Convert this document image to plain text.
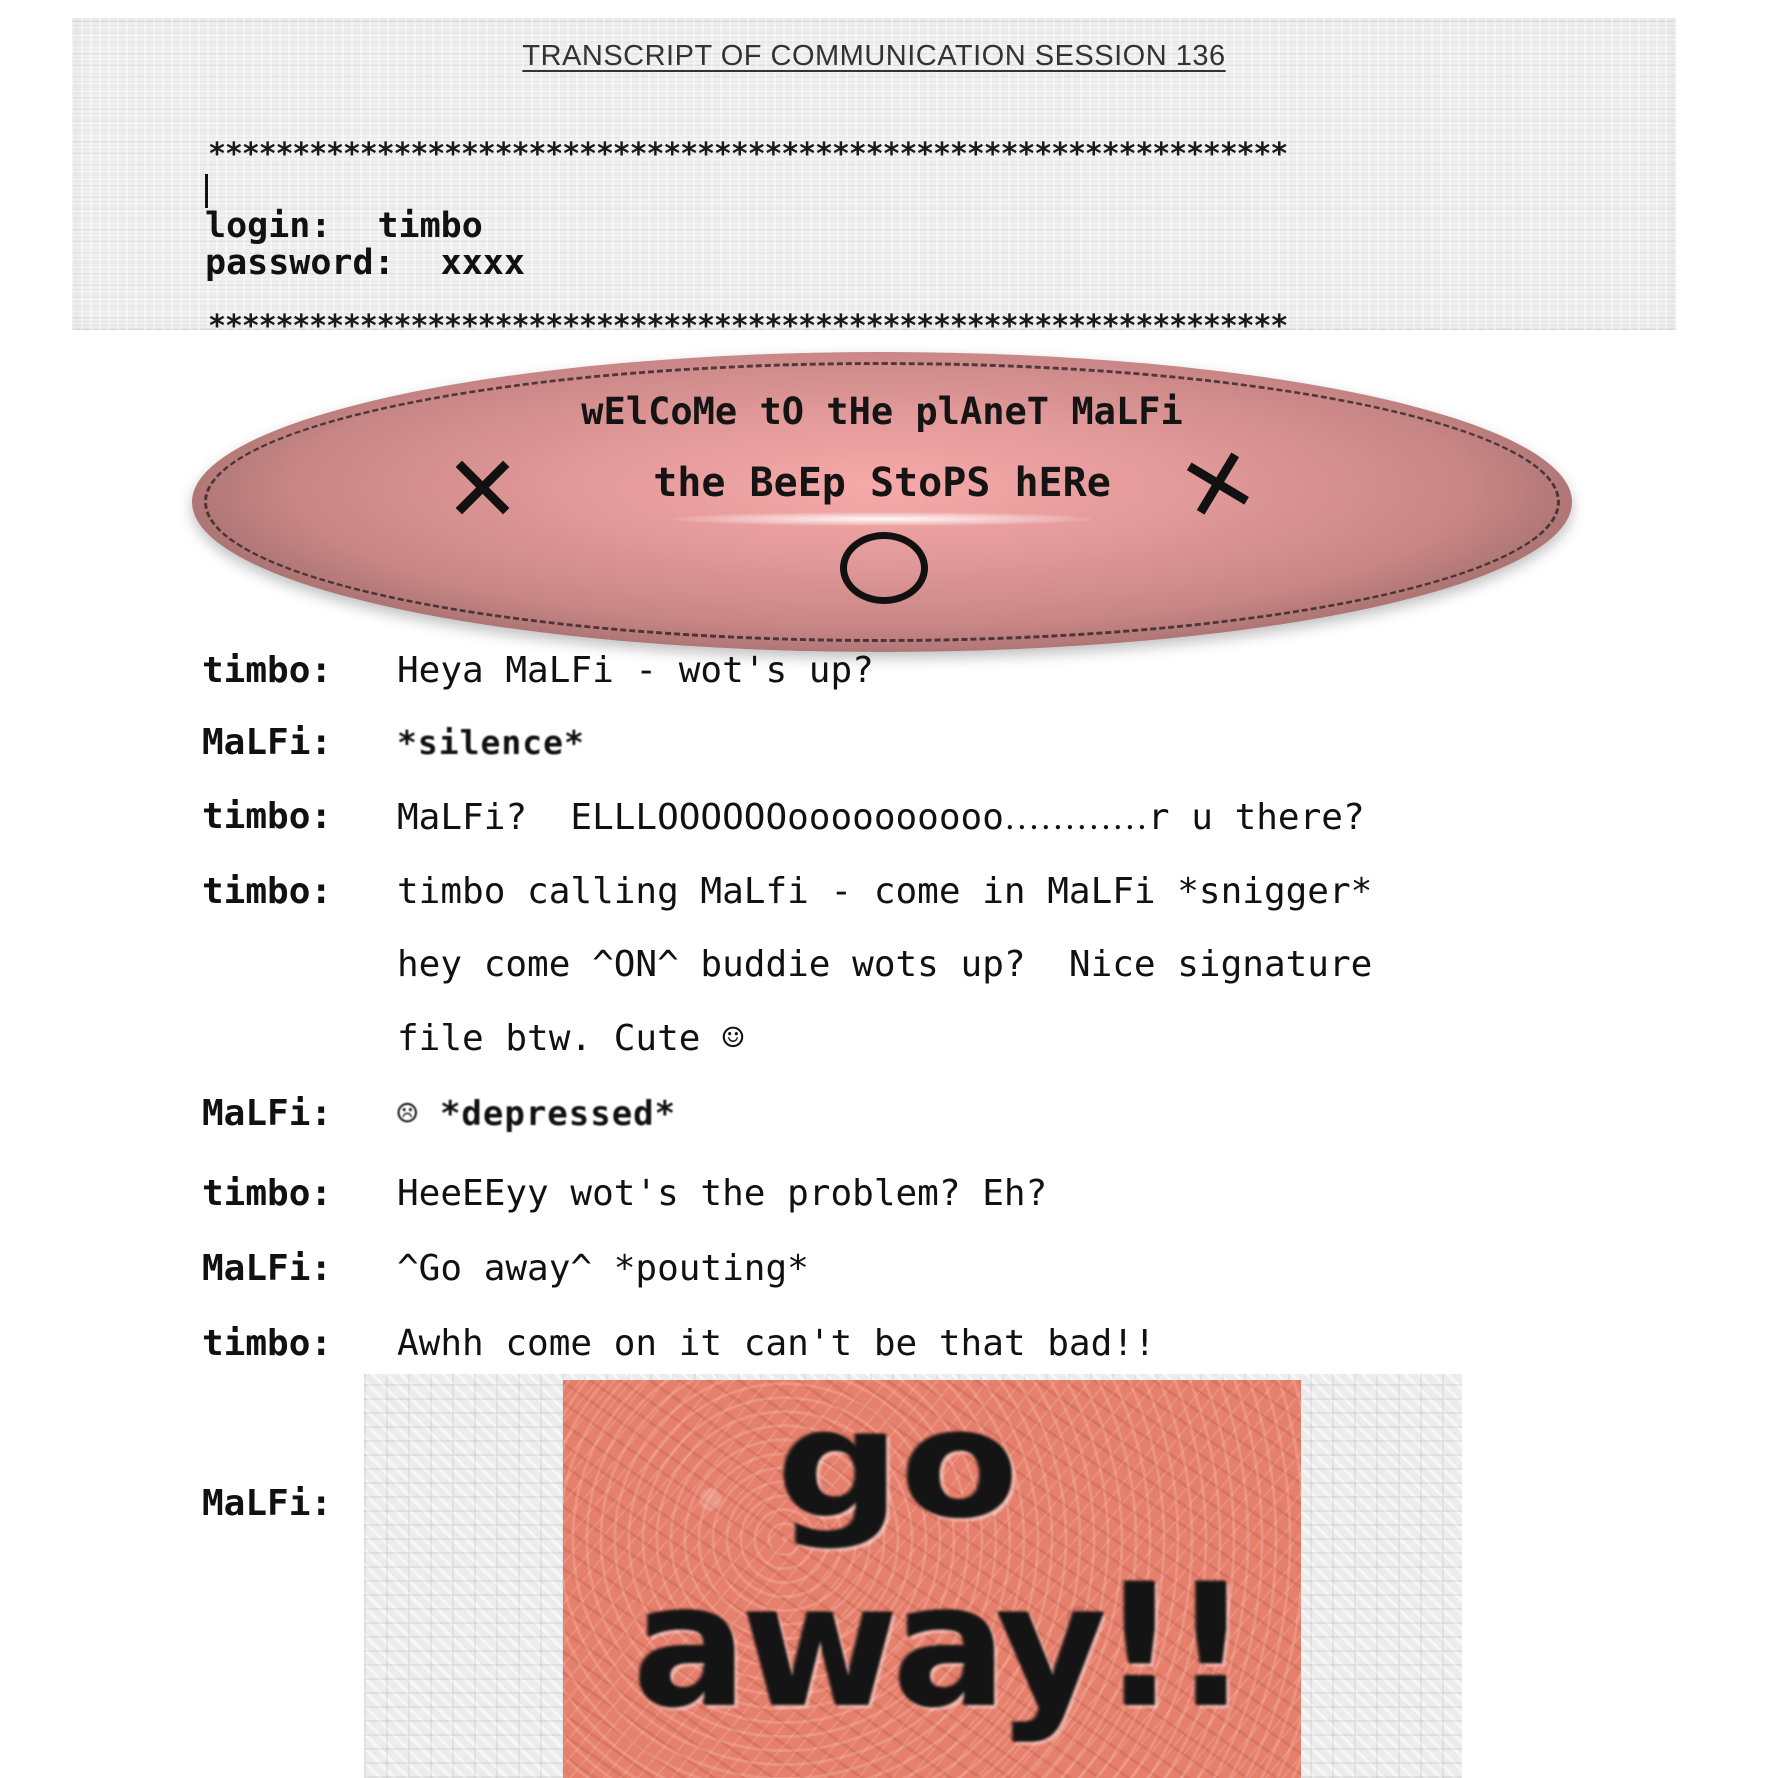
TRANSCRIPT OF COMMUNICATION SESSION 136
****************************************************************
login: timbo
password: xxxx
****************************************************************
wElCoMe tO tHe plAneT MaLFi
the BeEp StoPS hERe
✕	✕
timbo: Heya MaLFi - wot's up?
MaLFi: *silence*
timbo: MaLFi?  ELLLOOOOOOoooooooooo…………r u there?
timbo: timbo calling MaLfi - come in MaLFi *snigger*
hey come ^ON^ buddie wots up?  Nice signature
file btw. Cute ☺
MaLFi: ☹ *depressed*
timbo: HeeEEyy wot's the problem? Eh?
MaLFi: ^Go away^ *pouting*
timbo: Awhh come on it can't be that bad!!
MaLFi:	go
away!!
